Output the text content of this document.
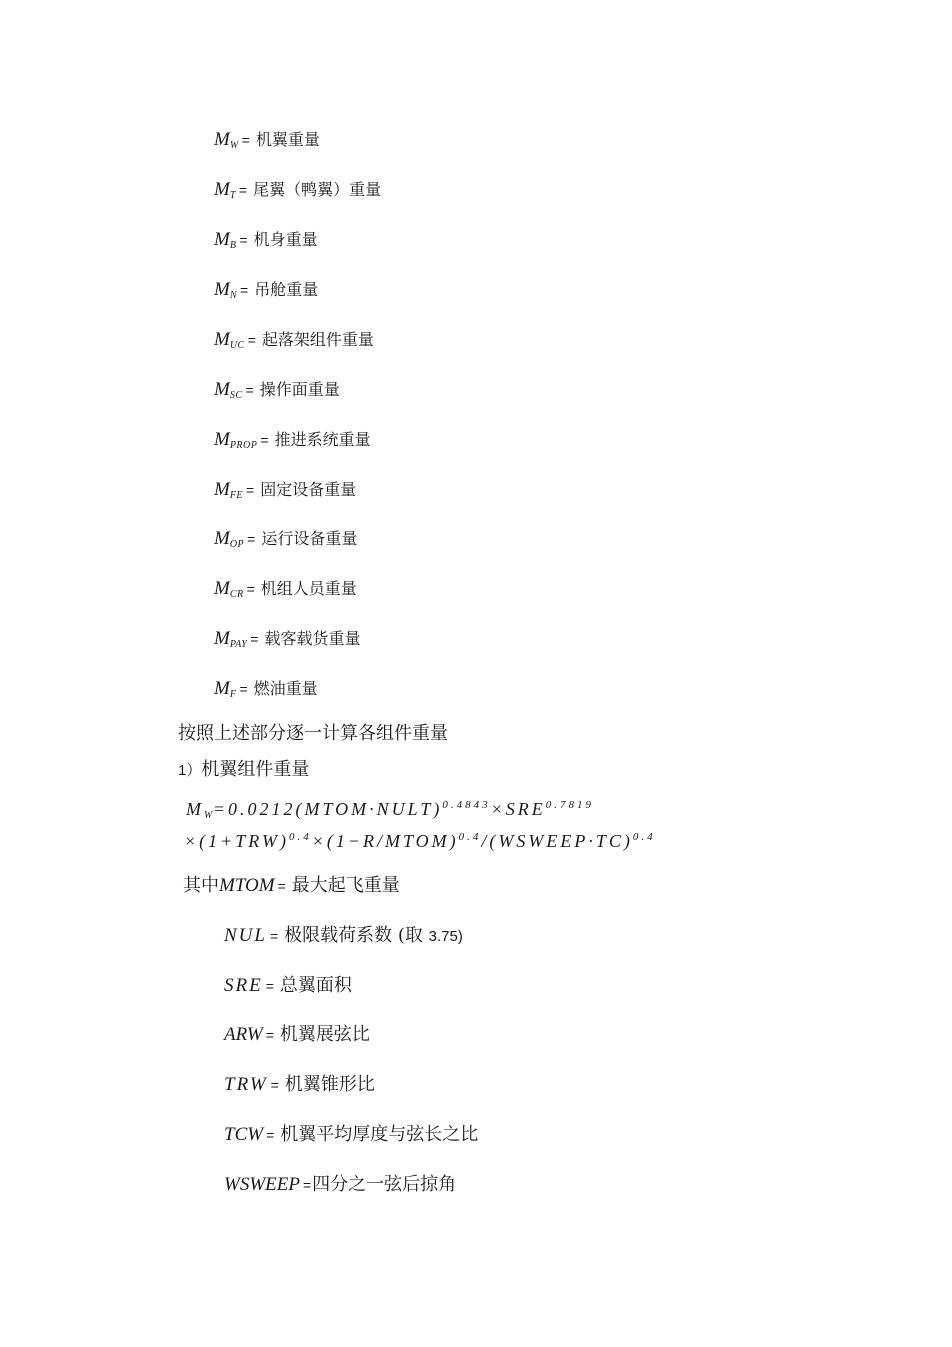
MW = 机翼重量
MT = 尾翼（鸭翼）重量
MB = 机身重量
MN = 吊舱重量
MUC = 起落架组件重量
MSC = 操作面重量
MPROP = 推进系统重量
MFE = 固定设备重量
MOP = 运行设备重量
MCR = 机组人员重量
MPAY = 载客载货重量
MF = 燃油重量
按照上述部分逐一计算各组件重量
1）机翼组件重量
$MW=0.0212(MTOM\cdot NULT)^{0.4843}\times SRE^{0.7819}$
$\times(1+TRW)^{0.4}\times(1-R/MTOM)^{0.4}/(WSWEEP\cdot TC)^{0.4}$
其中MTOM = 最大起飞重量
NUL = 极限载荷系数 (取 3.75)
SRE = 总翼面积
ARW = 机翼展弦比
TRW = 机翼锥形比
TCW = 机翼平均厚度与弦长之比
WSWEEP =四分之一弦后掠角
